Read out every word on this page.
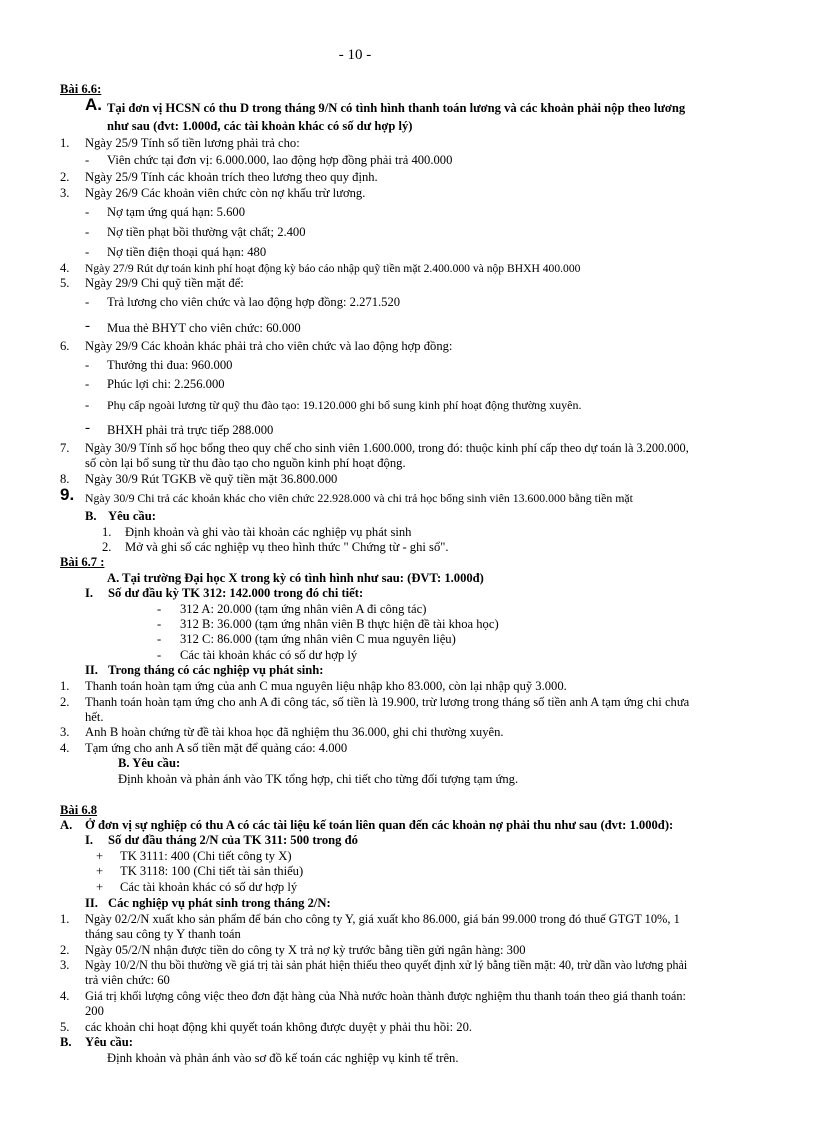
- 10 -
Bài 6.6:
A. Tại đơn vị HCSN có thu D trong tháng 9/N có tình hình thanh toán lương và các khoản phải nộp theo lương
như sau (đvt: 1.000đ, các tài khoản khác có số dư hợp lý)
1. Ngày 25/9 Tính số tiền lương phải trả cho:
- Viên chức tại đơn vị: 6.000.000, lao động hợp đồng phải trả 400.000
2. Ngày 25/9 Tính các khoản trích theo lương theo quy định.
3. Ngày 26/9 Các khoản viên chức còn nợ khấu trừ lương.
- Nợ tạm ứng quá hạn: 5.600
- Nợ tiền phạt bồi thường vật chất; 2.400
- Nợ tiền điện thoại quá hạn: 480
4. Ngày 27/9 Rút dự toán kinh phí hoạt động kỳ báo cáo nhập quỹ tiền mặt 2.400.000 và nộp BHXH 400.000
5. Ngày 29/9 Chi quỹ tiền mặt để:
- Trả lương cho viên chức và lao động hợp đồng: 2.271.520
- Mua thẻ BHYT cho viên chức: 60.000
6. Ngày 29/9 Các khoản khác phải trả cho viên chức và lao động hợp đồng:
- Thưởng thi đua: 960.000
- Phúc lợi chi: 2.256.000
- Phụ cấp ngoài lương từ quỹ thu đào tạo: 19.120.000 ghi bổ sung kinh phí hoạt động thường xuyên.
- BHXH phải trả trực tiếp 288.000
7. Ngày 30/9 Tính số học bổng theo quy chế cho sinh viên 1.600.000, trong đó: thuộc kinh phí cấp theo dự toán là 3.200.000,
số còn lại bổ sung từ thu đào tạo cho nguồn kinh phí hoạt động.
8. Ngày 30/9 Rút TGKB về quỹ tiền mặt 36.800.000
9. Ngày 30/9 Chi trả các khoản khác cho viên chức 22.928.000 và chi trả học bổng sinh viên 13.600.000 bằng tiền mặt
B. Yêu cầu:
1. Định khoản và ghi vào tài khoản các nghiệp vụ phát sinh
2. Mở và ghi sổ các nghiệp vụ theo hình thức " Chứng từ - ghi sổ".
Bài 6.7 :
A. Tại trường Đại học X trong kỳ có tình hình như sau: (ĐVT: 1.000đ)
I. Số dư đầu kỳ TK 312: 142.000 trong đó chi tiết:
- 312 A: 20.000 (tạm ứng nhân viên A đi công tác)
- 312 B: 36.000 (tạm ứng nhân viên B thực hiện đề tài khoa học)
- 312 C: 86.000 (tạm ứng nhân viên C mua nguyên liệu)
- Các tài khoản khác có số dư hợp lý
II. Trong tháng có các nghiệp vụ phát sinh:
1. Thanh toán hoàn tạm ứng của anh C mua nguyên liệu nhập kho 83.000, còn lại nhập quỹ 3.000.
2. Thanh toán hoàn tạm ứng cho anh A đi công tác, số tiền là 19.900, trừ lương trong tháng số tiền anh A tạm ứng chi chưa
hết.
3. Anh B hoàn chứng từ đề tài khoa học đã nghiệm thu 36.000, ghi chi thường xuyên.
4. Tạm ứng cho anh A số tiền mặt để quảng cáo: 4.000
B. Yêu cầu:
Định khoản và phản ánh vào TK tổng hợp, chi tiết cho từng đối tượng tạm ứng.
Bài 6.8
A. Ở đơn vị sự nghiệp có thu A có các tài liệu kế toán liên quan đến các khoản nợ phải thu như sau (đvt: 1.000đ):
I. Số dư đầu tháng 2/N của TK 311: 500 trong đó
+ TK 3111: 400 (Chi tiết công ty X)
+ TK 3118: 100 (Chi tiết tài sản thiếu)
+ Các tài khoản khác có số dư hợp lý
II. Các nghiệp vụ phát sinh trong tháng 2/N:
1. Ngày 02/2/N xuất kho sản phẩm để bán cho công ty Y, giá xuất kho 86.000, giá bán 99.000 trong đó thuế GTGT 10%, 1
tháng sau công ty Y thanh toán
2. Ngày 05/2/N nhận được tiền do công ty X trả nợ kỳ trước bằng tiền gửi ngân hàng: 300
3. Ngày 10/2/N thu bồi thường về giá trị tài sản phát hiện thiếu theo quyết định xử lý bằng tiền mặt: 40, trừ dần vào lương phải
trả viên chức: 60
4. Giá trị khối lượng công việc theo đơn đặt hàng của Nhà nước hoàn thành được nghiệm thu thanh toán theo giá thanh toán:
200
5. các khoản chi hoạt động khi quyết toán không được duyệt y phải thu hồi: 20.
B. Yêu cầu:
Định khoản và phản ánh vào sơ đồ kế toán các nghiệp vụ kinh tế trên.
